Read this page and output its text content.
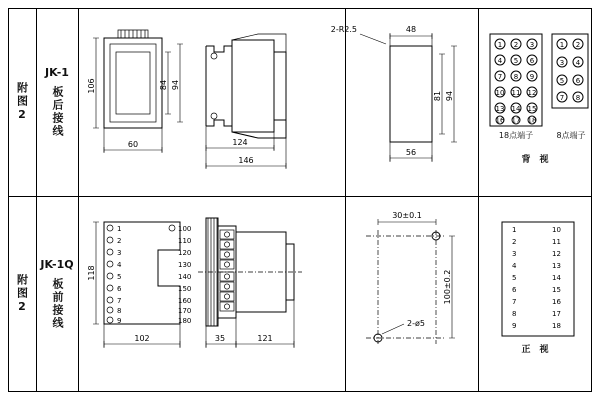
附图2
JK-1
板后接线
附图2
JK-1Q
板前接线
106	84 94
60	124
146
48
2-R2.5
81 94
56
1 2 3
4 5 6
7 8 9
10 11 12
13 14 15
16 17 18
1 2
3 4
5 6
7 8
18点端子	8点端子
背　视
118
1
2
3
4
5
6
7
8
9
100
110
120
130
140
150
160
170
180
102	35	121
30±0.1
100±0.2
2-ø5
1
2
3
4
5
6
7
8
9
10
11
12
13
14
15
16
17
18
正　视
